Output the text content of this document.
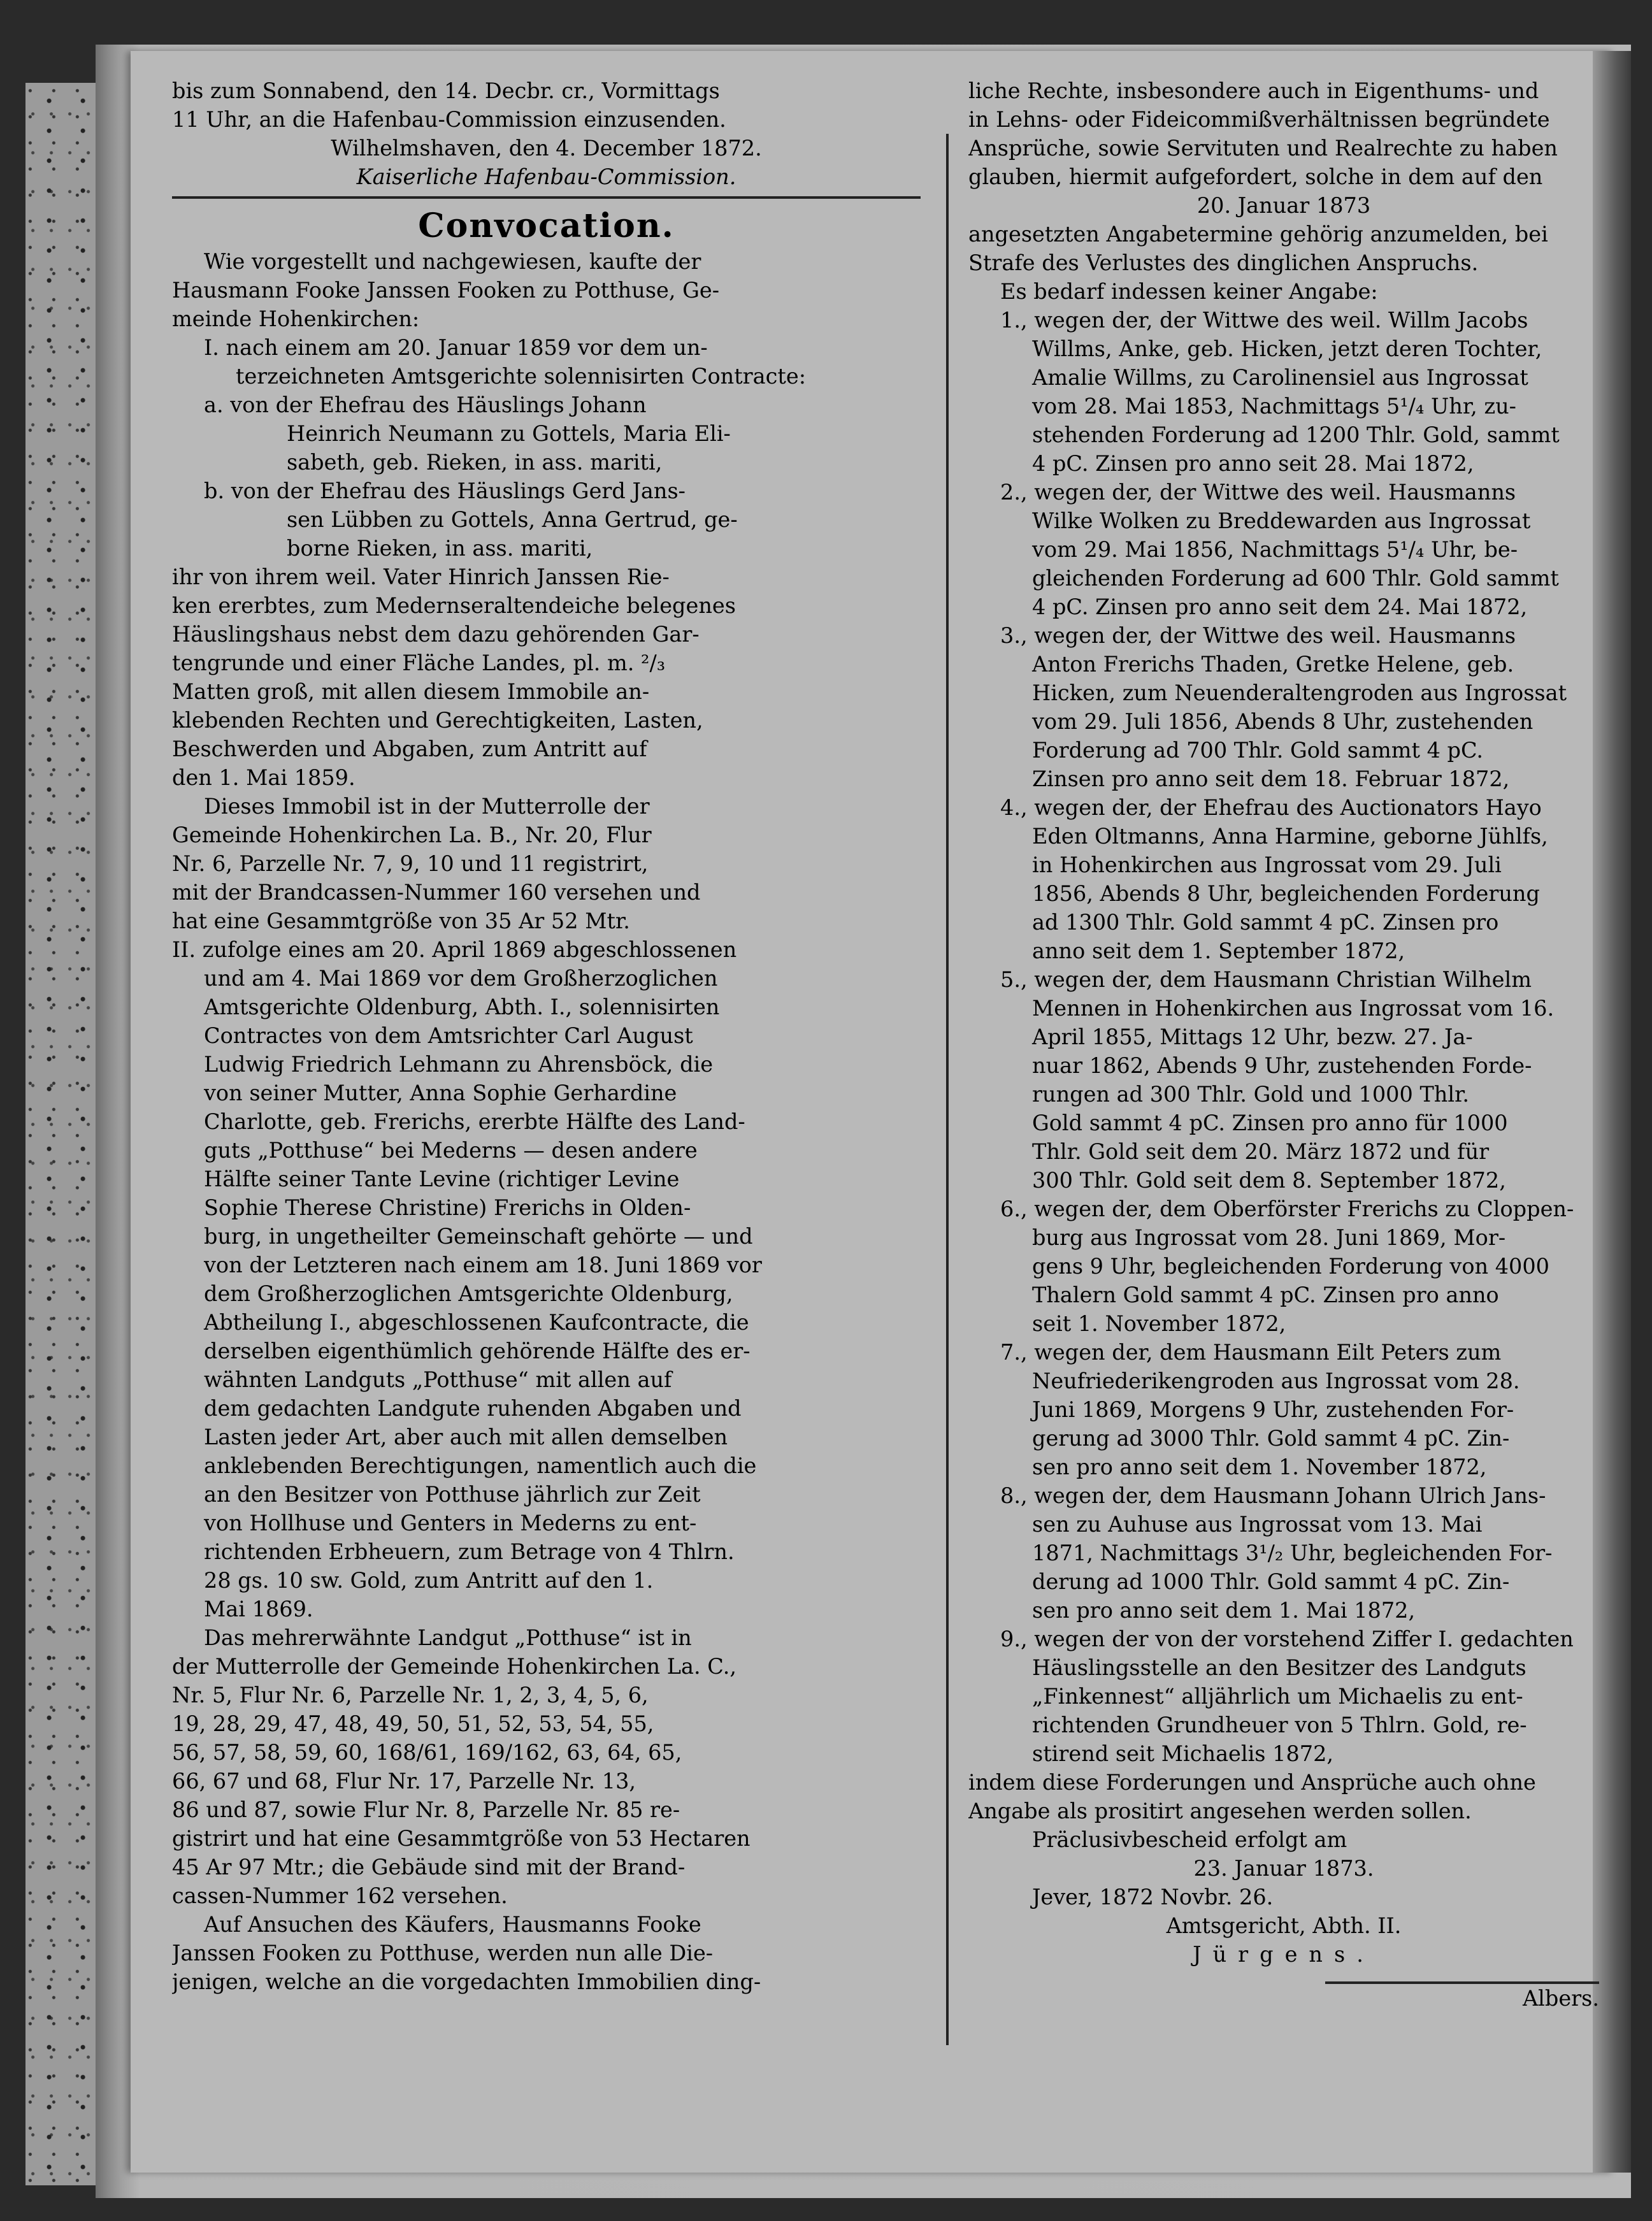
bis zum Sonnabend, den 14. Decbr. cr., Vormittags
11 Uhr, an die Hafenbau-Commission einzusenden.
Wilhelmshaven, den 4. December 1872.
Kaiserliche Hafenbau-Commission.
Convocation.
Wie vorgestellt und nachgewiesen, kaufte der
Hausmann Fooke Janssen Fooken zu Potthuse, Ge-
meinde Hohenkirchen:
I. nach einem am 20. Januar 1859 vor dem un-
terzeichneten Amtsgerichte solennisirten Contracte:
a. von der Ehefrau des Häuslings Johann
Heinrich Neumann zu Gottels, Maria Eli-
sabeth, geb. Rieken, in ass. mariti,
b. von der Ehefrau des Häuslings Gerd Jans-
sen Lübben zu Gottels, Anna Gertrud, ge-
borne Rieken, in ass. mariti,
ihr von ihrem weil. Vater Hinrich Janssen Rie-
ken ererbtes, zum Medernseraltendeiche belegenes
Häuslingshaus nebst dem dazu gehörenden Gar-
tengrunde und einer Fläche Landes, pl. m. ²/₃
Matten groß, mit allen diesem Immobile an-
klebenden Rechten und Gerechtigkeiten, Lasten,
Beschwerden und Abgaben, zum Antritt auf
den 1. Mai 1859.
Dieses Immobil ist in der Mutterrolle der
Gemeinde Hohenkirchen La. B., Nr. 20, Flur
Nr. 6, Parzelle Nr. 7, 9, 10 und 11 registrirt,
mit der Brandcassen-Nummer 160 versehen und
hat eine Gesammtgröße von 35 Ar 52 Mtr.
II. zufolge eines am 20. April 1869 abgeschlossenen
und am 4. Mai 1869 vor dem Großherzoglichen
Amtsgerichte Oldenburg, Abth. I., solennisirten
Contractes von dem Amtsrichter Carl August
Ludwig Friedrich Lehmann zu Ahrensböck, die
von seiner Mutter, Anna Sophie Gerhardine
Charlotte, geb. Frerichs, ererbte Hälfte des Land-
guts „Potthuse“ bei Mederns — desen andere
Hälfte seiner Tante Levine (richtiger Levine
Sophie Therese Christine) Frerichs in Olden-
burg, in ungetheilter Gemeinschaft gehörte — und
von der Letzteren nach einem am 18. Juni 1869 vor
dem Großherzoglichen Amtsgerichte Oldenburg,
Abtheilung I., abgeschlossenen Kaufcontracte, die
derselben eigenthümlich gehörende Hälfte des er-
wähnten Landguts „Potthuse“ mit allen auf
dem gedachten Landgute ruhenden Abgaben und
Lasten jeder Art, aber auch mit allen demselben
anklebenden Berechtigungen, namentlich auch die
an den Besitzer von Potthuse jährlich zur Zeit
von Hollhuse und Genters in Mederns zu ent-
richtenden Erbheuern, zum Betrage von 4 Thlrn.
28 gs. 10 sw. Gold, zum Antritt auf den 1.
Mai 1869.
Das mehrerwähnte Landgut „Potthuse“ ist in
der Mutterrolle der Gemeinde Hohenkirchen La. C.,
Nr. 5, Flur Nr. 6, Parzelle Nr. 1, 2, 3, 4, 5, 6,
19, 28, 29, 47, 48, 49, 50, 51, 52, 53, 54, 55,
56, 57, 58, 59, 60, 168/61, 169/162, 63, 64, 65,
66, 67 und 68, Flur Nr. 17, Parzelle Nr. 13,
86 und 87, sowie Flur Nr. 8, Parzelle Nr. 85 re-
gistrirt und hat eine Gesammtgröße von 53 Hectaren
45 Ar 97 Mtr.; die Gebäude sind mit der Brand-
cassen-Nummer 162 versehen.
Auf Ansuchen des Käufers, Hausmanns Fooke
Janssen Fooken zu Potthuse, werden nun alle Die-
jenigen, welche an die vorgedachten Immobilien ding-
liche Rechte, insbesondere auch in Eigenthums- und
in Lehns- oder Fideicommißverhältnissen begründete
Ansprüche, sowie Servituten und Realrechte zu haben
glauben, hiermit aufgefordert, solche in dem auf den
20. Januar 1873
angesetzten Angabetermine gehörig anzumelden, bei
Strafe des Verlustes des dinglichen Anspruchs.
Es bedarf indessen keiner Angabe:
1., wegen der, der Wittwe des weil. Willm Jacobs
Willms, Anke, geb. Hicken, jetzt deren Tochter,
Amalie Willms, zu Carolinensiel aus Ingrossat
vom 28. Mai 1853, Nachmittags 5¹/₄ Uhr, zu-
stehenden Forderung ad 1200 Thlr. Gold, sammt
4 pC. Zinsen pro anno seit 28. Mai 1872,
2., wegen der, der Wittwe des weil. Hausmanns
Wilke Wolken zu Breddewarden aus Ingrossat
vom 29. Mai 1856, Nachmittags 5¹/₄ Uhr, be-
gleichenden Forderung ad 600 Thlr. Gold sammt
4 pC. Zinsen pro anno seit dem 24. Mai 1872,
3., wegen der, der Wittwe des weil. Hausmanns
Anton Frerichs Thaden, Gretke Helene, geb.
Hicken, zum Neuenderaltengroden aus Ingrossat
vom 29. Juli 1856, Abends 8 Uhr, zustehenden
Forderung ad 700 Thlr. Gold sammt 4 pC.
Zinsen pro anno seit dem 18. Februar 1872,
4., wegen der, der Ehefrau des Auctionators Hayo
Eden Oltmanns, Anna Harmine, geborne Jühlfs,
in Hohenkirchen aus Ingrossat vom 29. Juli
1856, Abends 8 Uhr, begleichenden Forderung
ad 1300 Thlr. Gold sammt 4 pC. Zinsen pro
anno seit dem 1. September 1872,
5., wegen der, dem Hausmann Christian Wilhelm
Mennen in Hohenkirchen aus Ingrossat vom 16.
April 1855, Mittags 12 Uhr, bezw. 27. Ja-
nuar 1862, Abends 9 Uhr, zustehenden Forde-
rungen ad 300 Thlr. Gold und 1000 Thlr.
Gold sammt 4 pC. Zinsen pro anno für 1000
Thlr. Gold seit dem 20. März 1872 und für
300 Thlr. Gold seit dem 8. September 1872,
6., wegen der, dem Oberförster Frerichs zu Cloppen-
burg aus Ingrossat vom 28. Juni 1869, Mor-
gens 9 Uhr, begleichenden Forderung von 4000
Thalern Gold sammt 4 pC. Zinsen pro anno
seit 1. November 1872,
7., wegen der, dem Hausmann Eilt Peters zum
Neufriederikengroden aus Ingrossat vom 28.
Juni 1869, Morgens 9 Uhr, zustehenden For-
gerung ad 3000 Thlr. Gold sammt 4 pC. Zin-
sen pro anno seit dem 1. November 1872,
8., wegen der, dem Hausmann Johann Ulrich Jans-
sen zu Auhuse aus Ingrossat vom 13. Mai
1871, Nachmittags 3¹/₂ Uhr, begleichenden For-
derung ad 1000 Thlr. Gold sammt 4 pC. Zin-
sen pro anno seit dem 1. Mai 1872,
9., wegen der von der vorstehend Ziffer I. gedachten
Häuslingsstelle an den Besitzer des Landguts
„Finkennest“ alljährlich um Michaelis zu ent-
richtenden Grundheuer von 5 Thlrn. Gold, re-
stirend seit Michaelis 1872,
indem diese Forderungen und Ansprüche auch ohne
Angabe als prositirt angesehen werden sollen.
Präclusivbescheid erfolgt am
23. Januar 1873.
Jever, 1872 Novbr. 26.
Amtsgericht, Abth. II.
Jürgens.
Albers.
